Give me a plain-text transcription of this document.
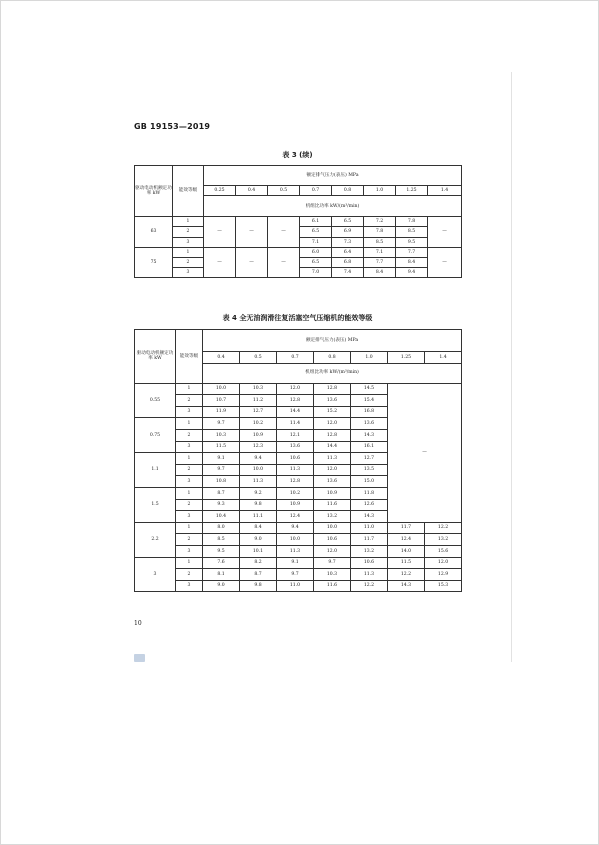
GB 19153—2019
表 3 (续)
驱动电动机额定功率 kW	能效等级	额定排气压力(表压) MPa							
		0.25	0.4	0.5	0.7	0.8	1.0	1.25	1.4
		机组比功率 kW/(m³/min)							
63	1	—	—	—	6.1	6.5	7.2	7.8	—
	2				6.5	6.9	7.8	8.5	
	3				7.1	7.3	8.5	9.5	
75	1	—	—	—	6.0	6.4	7.1	7.7	—
	2				6.5	6.8	7.7	8.4	
	3				7.0	7.4	8.4	9.4	
表 4 全无油润滑往复活塞空气压缩机的能效等级
驱动电动机额定功率 kW	能效等级	额定排气压力(表压) MPa						
		0.4	0.5	0.7	0.8	1.0	1.25	1.4
		机组比功率 kW/(m³/min)						
0.55	1	10.0	10.3	12.0	12.8	14.5	—	
	2	10.7	11.2	12.8	13.6	15.4		
	3	11.9	12.7	14.4	15.2	16.8		
0.75	1	9.7	10.2	11.4	12.0	13.6		
	2	10.3	10.9	12.1	12.8	14.3		
	3	11.5	12.3	13.6	14.4	16.1		
1.1	1	9.1	9.4	10.6	11.3	12.7		
	2	9.7	10.0	11.3	12.0	13.5		
	3	10.8	11.3	12.8	13.6	15.0		
1.5	1	8.7	9.2	10.2	10.9	11.8		
	2	9.3	9.8	10.9	11.6	12.6		
	3	10.4	11.1	12.4	13.2	14.3		
2.2	1	8.0	8.4	9.4	10.0	11.0	11.7	12.2
	2	8.5	9.0	10.0	10.6	11.7	12.4	13.2
	3	9.5	10.1	11.3	12.0	13.2	14.0	15.6
3	1	7.6	8.2	9.1	9.7	10.6	11.5	12.0
	2	8.1	8.7	9.7	10.3	11.3	12.2	12.9
	3	9.0	9.8	11.0	11.6	12.2	14.3	15.3
10
